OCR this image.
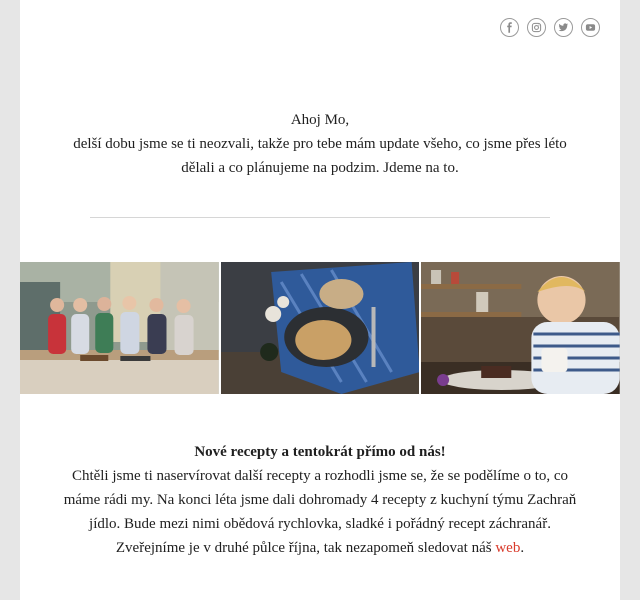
Ahoj Mo,
delší dobu jsme se ti neozvali, takže pro tebe mám update všeho, co jsme přes léto
dělali a co plánujeme na podzim. Jdeme na to.
Nové recepty a tentokrát přímo od nás!
Chtěli jsme ti naservírovat další recepty a rozhodli jsme se, že se podělíme o to, co
máme rádi my. Na konci léta jsme dali dohromady 4 recepty z kuchyní týmu Zachraň
jídlo. Bude mezi nimi obědová rychlovka, sladké i pořádný recept záchranář.
Zveřejníme je v druhé půlce října, tak nezapomeň sledovat náš web.
